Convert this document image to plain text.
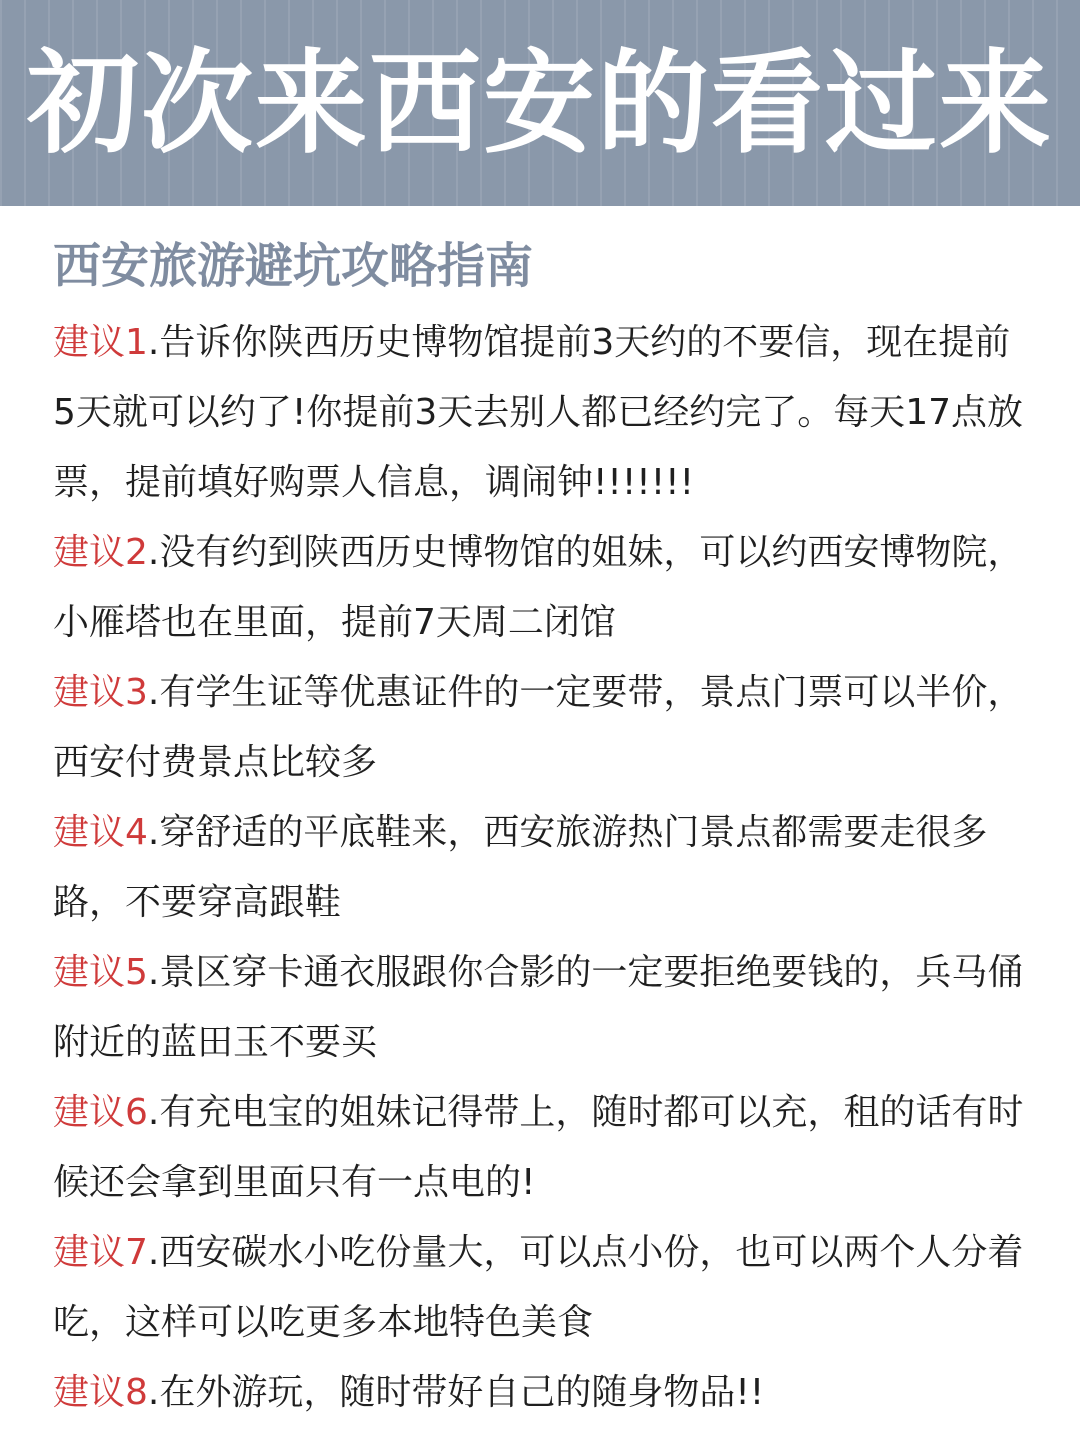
初次来西安的看过来
西安旅游避坑攻略指南

建议1.告诉你陕西历史博物馆提前3天约的不要信，现在提前5天就可以约了!你提前3天去别人都已经约完了。每天17点放票，提前填好购票人信息，调闹钟!!!!!!!

建议2.没有约到陕西历史博物馆的姐妹，可以约西安博物院，小雁塔也在里面，提前7天周二闭馆

建议3.有学生证等优惠证件的一定要带，景点门票可以半价，西安付费景点比较多

建议4.穿舒适的平底鞋来，西安旅游热门景点都需要走很多路，不要穿高跟鞋

建议5.景区穿卡通衣服跟你合影的一定要拒绝要钱的，兵马俑附近的蓝田玉不要买

建议6.有充电宝的姐妹记得带上，随时都可以充，租的话有时候还会拿到里面只有一点电的!

建议7.西安碳水小吃份量大，可以点小份，也可以两个人分着吃，这样可以吃更多本地特色美食

建议8.在外游玩，随时带好自己的随身物品!!
